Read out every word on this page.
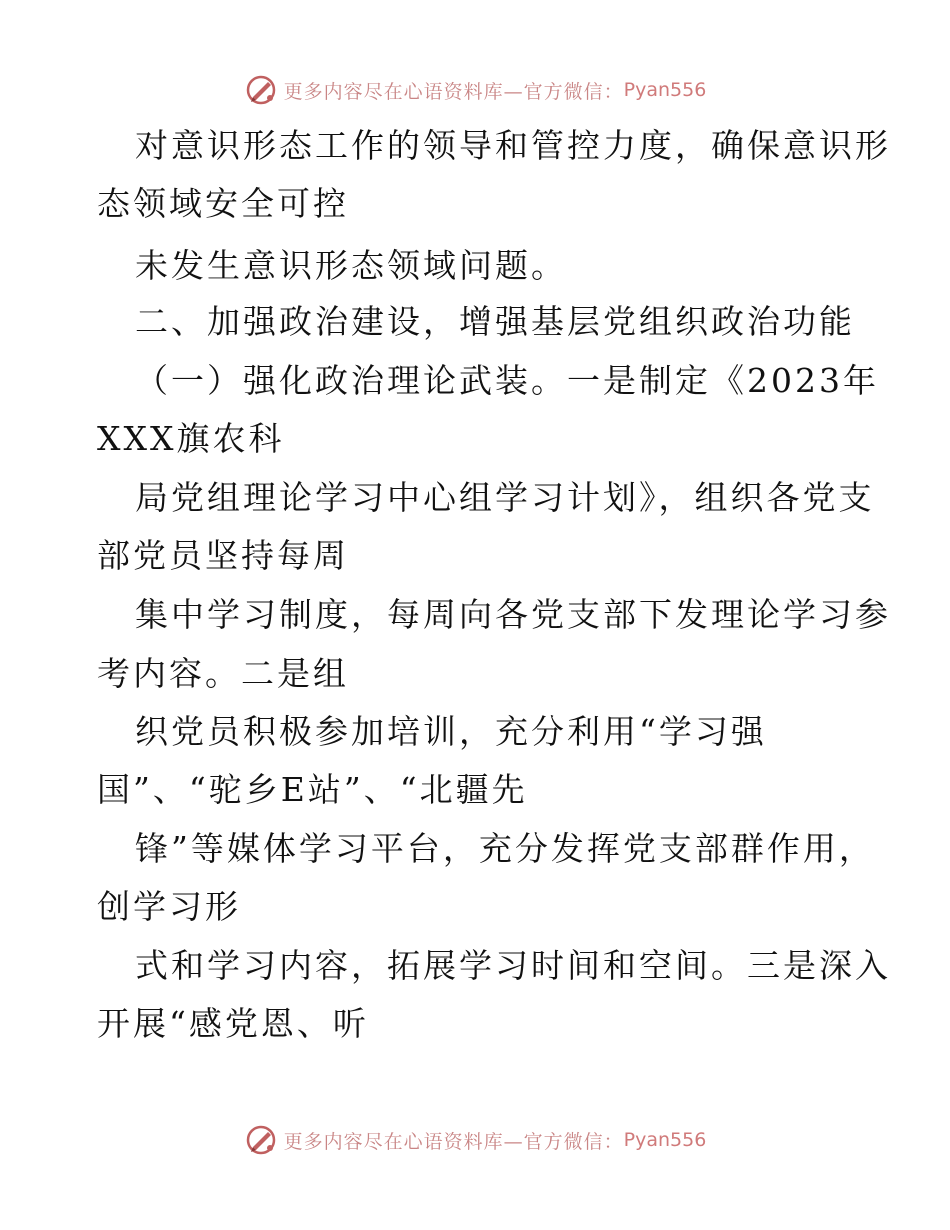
更多内容尽在心语资料库—官方微信： Pyan556
对意识形态工作的领导和管控力度，确保意识形
态领域安全可控
未发生意识形态领域问题。
二、加强政治建设，增强基层党组织政治功能
（一）强化政治理论武装。一是制定《2023年
XXX旗农科
局党组理论学习中心组学习计划》，组织各党支
部党员坚持每周
集中学习制度，每周向各党支部下发理论学习参
考内容。二是组
织党员积极参加培训，充分利用“学习强
国”、“驼乡E站”、“北疆先
锋”等媒体学习平台，充分发挥党支部群作用，
创学习形
式和学习内容，拓展学习时间和空间。三是深入
开展“感党恩、听
更多内容尽在心语资料库—官方微信： Pyan556
